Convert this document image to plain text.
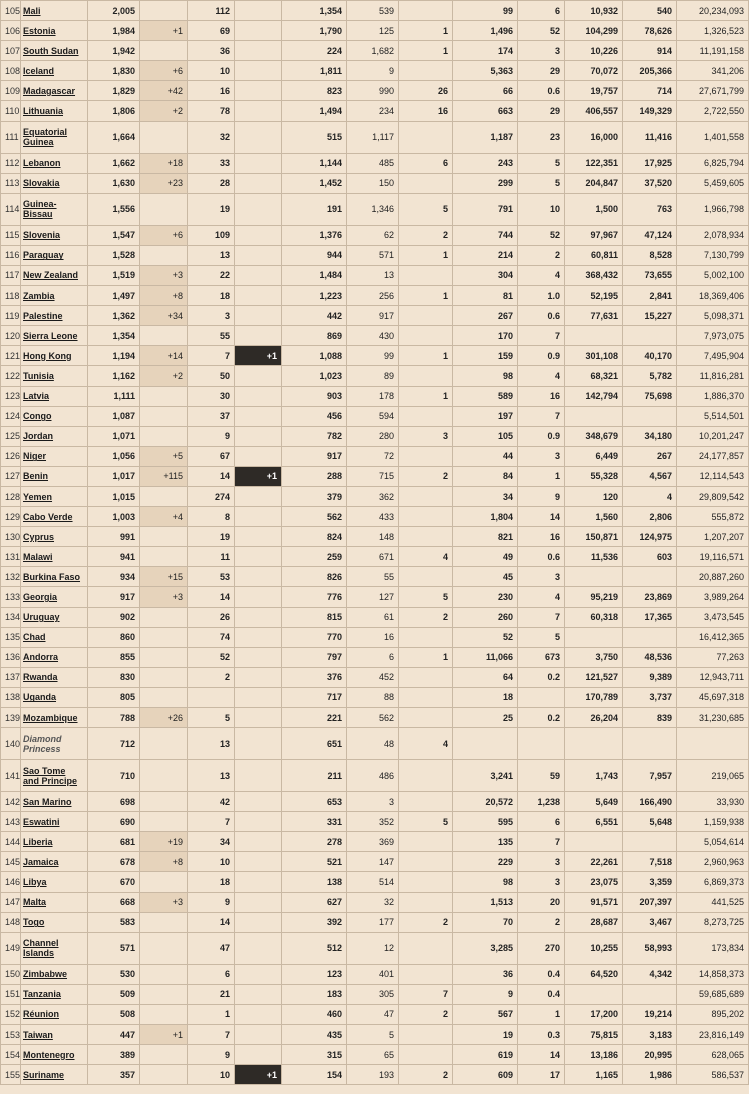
105	Mali	2,005		112		1,354	539		99	6	10,932	540	20,234,093
106	Estonia	1,984	+1	69		1,790	125	1	1,496	52	104,299	78,626	1,326,523
107	South Sudan	1,942		36		224	1,682	1	174	3	10,226	914	11,191,158
108	Iceland	1,830	+6	10		1,811	9		5,363	29	70,072	205,366	341,206
109	Madagascar	1,829	+42	16		823	990	26	66	0.6	19,757	714	27,671,799
110	Lithuania	1,806	+2	78		1,494	234	16	663	29	406,557	149,329	2,722,550
111	Equatorial Guinea	1,664		32		515	1,117		1,187	23	16,000	11,416	1,401,558
112	Lebanon	1,662	+18	33		1,144	485	6	243	5	122,351	17,925	6,825,794
113	Slovakia	1,630	+23	28		1,452	150		299	5	204,847	37,520	5,459,605
114	Guinea-Bissau	1,556		19		191	1,346	5	791	10	1,500	763	1,966,798
115	Slovenia	1,547	+6	109		1,376	62	2	744	52	97,967	47,124	2,078,934
116	Paraguay	1,528		13		944	571	1	214	2	60,811	8,528	7,130,799
117	New Zealand	1,519	+3	22		1,484	13		304	4	368,432	73,655	5,002,100
118	Zambia	1,497	+8	18		1,223	256	1	81	1.0	52,195	2,841	18,369,406
119	Palestine	1,362	+34	3		442	917		267	0.6	77,631	15,227	5,098,371
120	Sierra Leone	1,354		55		869	430		170	7			7,973,075
121	Hong Kong	1,194	+14	7	+1	1,088	99	1	159	0.9	301,108	40,170	7,495,904
122	Tunisia	1,162	+2	50		1,023	89		98	4	68,321	5,782	11,816,281
123	Latvia	1,111		30		903	178	1	589	16	142,794	75,698	1,886,370
124	Congo	1,087		37		456	594		197	7			5,514,501
125	Jordan	1,071		9		782	280	3	105	0.9	348,679	34,180	10,201,247
126	Niger	1,056	+5	67		917	72		44	3	6,449	267	24,177,857
127	Benin	1,017	+115	14	+1	288	715	2	84	1	55,328	4,567	12,114,543
128	Yemen	1,015		274		379	362		34	9	120	4	29,809,542
129	Cabo Verde	1,003	+4	8		562	433		1,804	14	1,560	2,806	555,872
130	Cyprus	991		19		824	148		821	16	150,871	124,975	1,207,207
131	Malawi	941		11		259	671	4	49	0.6	11,536	603	19,116,571
132	Burkina Faso	934	+15	53		826	55		45	3			20,887,260
133	Georgia	917	+3	14		776	127	5	230	4	95,219	23,869	3,989,264
134	Uruguay	902		26		815	61	2	260	7	60,318	17,365	3,473,545
135	Chad	860		74		770	16		52	5			16,412,365
136	Andorra	855		52		797	6	1	11,066	673	3,750	48,536	77,263
137	Rwanda	830		2		376	452		64	0.2	121,527	9,389	12,943,711
138	Uganda	805				717	88		18		170,789	3,737	45,697,318
139	Mozambique	788	+26	5		221	562		25	0.2	26,204	839	31,230,685
140	Diamond Princess	712		13		651	48	4					
141	Sao Tome and Principe	710		13		211	486		3,241	59	1,743	7,957	219,065
142	San Marino	698		42		653	3		20,572	1,238	5,649	166,490	33,930
143	Eswatini	690		7		331	352	5	595	6	6,551	5,648	1,159,938
144	Liberia	681	+19	34		278	369		135	7			5,054,614
145	Jamaica	678	+8	10		521	147		229	3	22,261	7,518	2,960,963
146	Libya	670		18		138	514		98	3	23,075	3,359	6,869,373
147	Malta	668	+3	9		627	32		1,513	20	91,571	207,397	441,525
148	Togo	583		14		392	177	2	70	2	28,687	3,467	8,273,725
149	Channel Islands	571		47		512	12		3,285	270	10,255	58,993	173,834
150	Zimbabwe	530		6		123	401		36	0.4	64,520	4,342	14,858,373
151	Tanzania	509		21		183	305	7	9	0.4			59,685,689
152	Réunion	508		1		460	47	2	567	1	17,200	19,214	895,202
153	Taiwan	447	+1	7		435	5		19	0.3	75,815	3,183	23,816,149
154	Montenegro	389		9		315	65		619	14	13,186	20,995	628,065
155	Suriname	357		10	+1	154	193	2	609	17	1,165	1,986	586,537
